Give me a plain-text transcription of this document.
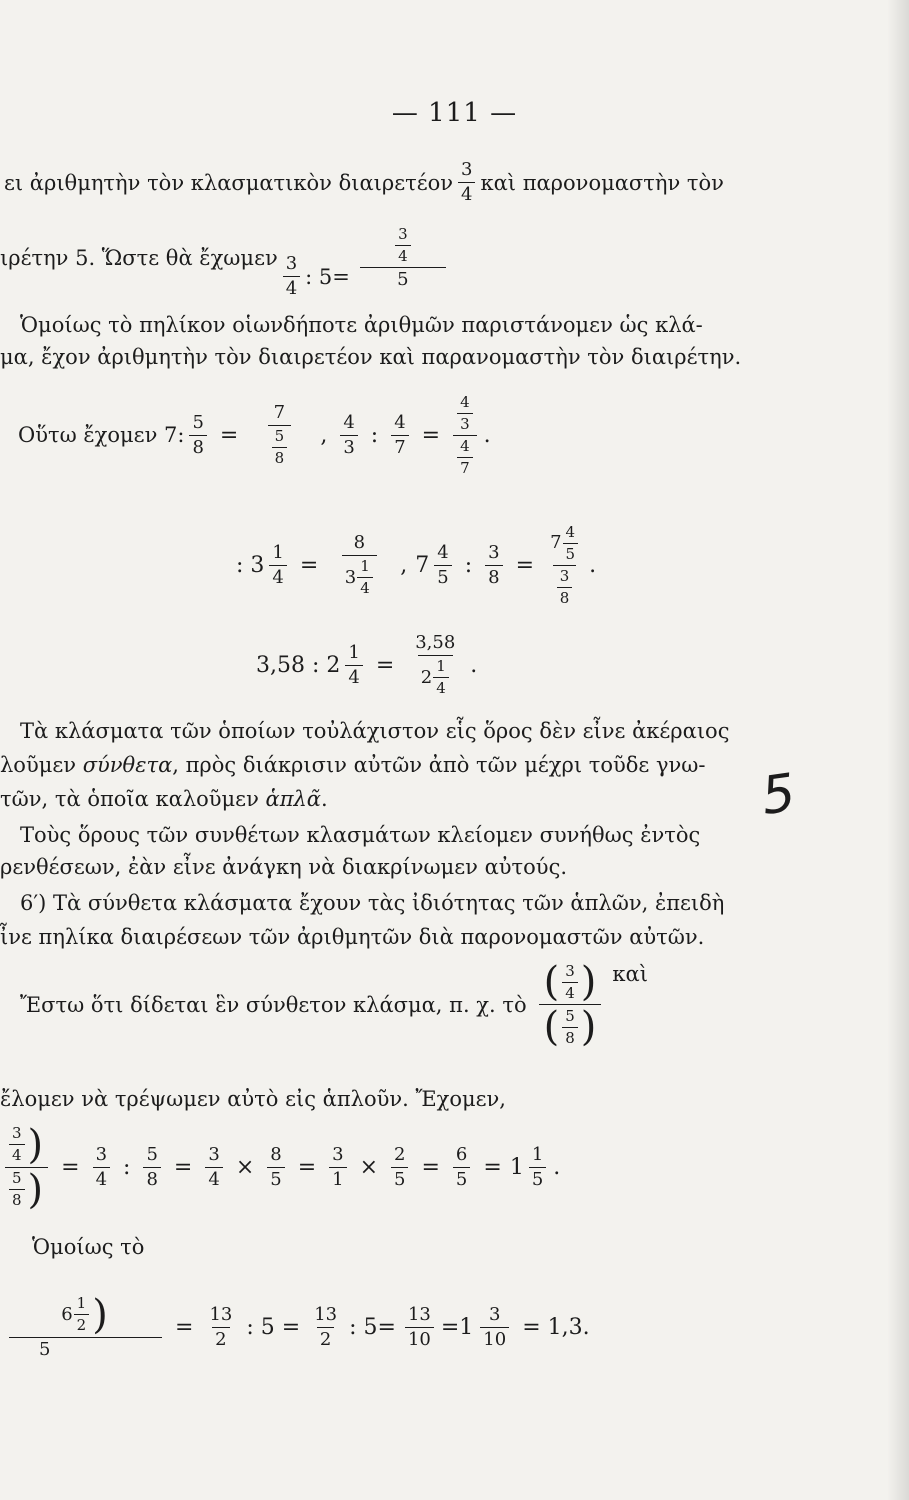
— 111 —
ει ἀριθμητὴν τὸν κλασματικὸν διαιρετέον $\frac{3}{4}$ καὶ παρονομαστὴν τὸν
ιρέτην 5. Ὥστε θὰ ἔχωμεν $\frac{3}{4}$ : $5= \frac{\frac{3}{4}}{5}$
Ὁμοίως τὸ πηλίκον οἱωνδήποτε ἀριθμῶν παριστάνομεν ὡς κλά-
μα, ἔχον ἀριθμητὴν τὸν διαιρετέον καὶ παρανομαστὴν τὸν διαιρέτην.
Οὕτω ἔχομεν 7: $\frac{5}{8} = \frac{7}{\frac{5}{8}}$ , $\frac{4}{3}$ : $\frac{4}{7} = \frac{\frac{4}{3}}{\frac{4}{7}}$ .
: $3 \frac{1}{4} = \frac{8}{3 \frac{1}{4}}$ , $7 \frac{4}{5}$ : $\frac{3}{8} = \frac{7 \frac{4}{5}}{\frac{3}{8}}$ .
3,58 : $2 \frac{1}{4} = \frac{3,58}{2 \frac{1}{4}}$ .
Τὰ κλάσματα τῶν ὁποίων τοὐλάχιστον εἷς ὅρος δὲν εἶνε ἀκέραιος
λοῦμεν σύνθετα, πρὸς διάκρισιν αὐτῶν ἀπὸ τῶν μέχρι τοῦδε γνω-
τῶν, τὰ ὁποῖα καλοῦμεν ἁπλᾶ.
Τοὺς ὅρους τῶν συνθέτων κλασμάτων κλείομεν συνήθως ἐντὸς
ρενθέσεων, ἐὰν εἶνε ἀνάγκη νὰ διακρίνωμεν αὐτούς.
6′) Τὰ σύνθετα κλάσματα ἔχουν τὰς ἰδιότητας τῶν ἁπλῶν, ἐπειδὴ
ἶνε πηλίκα διαιρέσεων τῶν ἀριθμητῶν διὰ παρονομαστῶν αὐτῶν.
Ἔστω ὅτι δίδεται ἓν σύνθετον κλάσμα, π. χ. τὸ $\frac{( \frac{3}{4} )}{( \frac{5}{8} )}$ καὶ
ἔλομεν νὰ τρέψωμεν αὐτὸ εἰς ἁπλοῦν. Ἔχομεν,
$\frac{\frac{3}{4} )}{\frac{5}{8} )} = \frac{3}{4}$ : $\frac{5}{8} = \frac{3}{4} \times \frac{8}{5} = \frac{3}{1} \times \frac{2}{5} = \frac{6}{5} = 1 \frac{1}{5}$ .
Ὁμοίως τὸ
$\frac{6 \frac{1}{2} )}{5} = \frac{13}{2}$ : $5 = \frac{13}{2}$ : $5= \frac{13}{10} =1 \frac{3}{10} = 1,3$.
5
